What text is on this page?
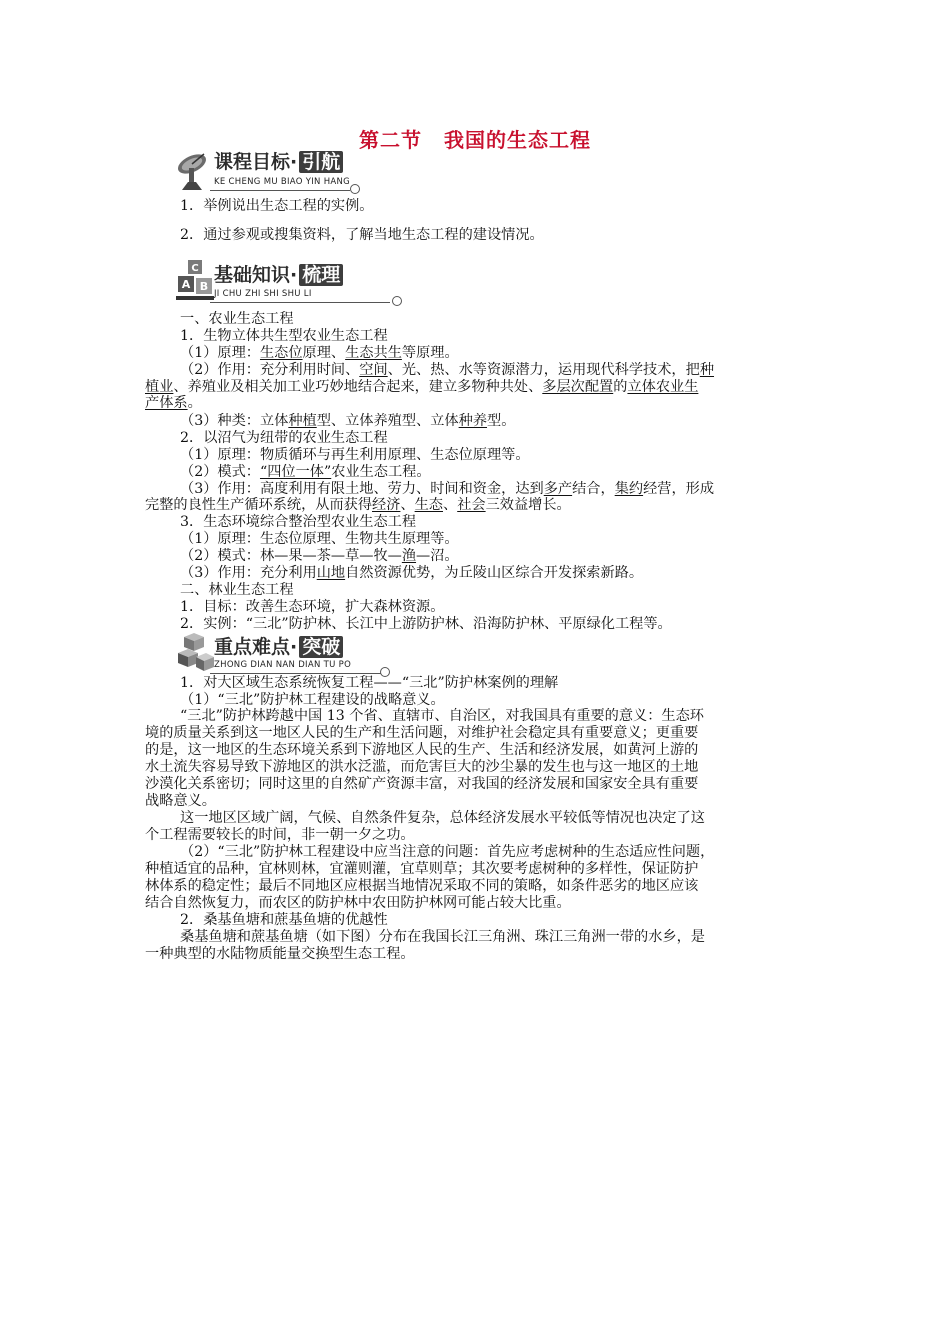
第二节 我国的生态工程
课程目标· 引航
KE CHENG MU BIAO YIN HANG
1．举例说出生态工程的实例。
2．通过参观或搜集资料，了解当地生态工程的建设情况。
C
A B
基础知识· 梳理
JI CHU ZHI SHI SHU LI
一、农业生态工程
1．生物立体共生型农业生态工程
（1）原理：生态位原理、生态共生等原理。
（2）作用：充分利用时间、空间、光、热、水等资源潜力，运用现代科学技术，把种
植业、养殖业及相关加工业巧妙地结合起来，建立多物种共处、多层次配置的立体农业生
产体系。
（3）种类：立体种植型、立体养殖型、立体种养型。
2．以沼气为纽带的农业生态工程
（1）原理：物质循环与再生利用原理、生态位原理等。
（2）模式：“四位一体”农业生态工程。
（3）作用：高度利用有限土地、劳力、时间和资金，达到多产结合，集约经营，形成
完整的良性生产循环系统，从而获得经济、生态、社会三效益增长。
3．生态环境综合整治型农业生态工程
（1）原理：生态位原理、生物共生原理等。
（2）模式：林—果—茶—草—牧—渔—沼。
（3）作用：充分利用山地自然资源优势，为丘陵山区综合开发探索新路。
二、林业生态工程
1．目标：改善生态环境，扩大森林资源。
2．实例：“三北”防护林、长江中上游防护林、沿海防护林、平原绿化工程等。
重点难点· 突破
ZHONG DIAN NAN DIAN TU PO
1．对大区域生态系统恢复工程——“三北”防护林案例的理解
（1）“三北”防护林工程建设的战略意义。
“三北”防护林跨越中国 13 个省、直辖市、自治区，对我国具有重要的意义：生态环
境的质量关系到这一地区人民的生产和生活问题，对维护社会稳定具有重要意义；更重要
的是，这一地区的生态环境关系到下游地区人民的生产、生活和经济发展，如黄河上游的
水土流失容易导致下游地区的洪水泛滥，而危害巨大的沙尘暴的发生也与这一地区的土地
沙漠化关系密切；同时这里的自然矿产资源丰富，对我国的经济发展和国家安全具有重要
战略意义。
这一地区区域广阔，气候、自然条件复杂，总体经济发展水平较低等情况也决定了这
个工程需要较长的时间，非一朝一夕之功。
（2）“三北”防护林工程建设中应当注意的问题：首先应考虑树种的生态适应性问题，
种植适宜的品种，宜林则林，宜灌则灌，宜草则草；其次要考虑树种的多样性，保证防护
林体系的稳定性；最后不同地区应根据当地情况采取不同的策略，如条件恶劣的地区应该
结合自然恢复力，而农区的防护林中农田防护林网可能占较大比重。
2．桑基鱼塘和蔗基鱼塘的优越性
桑基鱼塘和蔗基鱼塘（如下图）分布在我国长江三角洲、珠江三角洲一带的水乡，是
一种典型的水陆物质能量交换型生态工程。
